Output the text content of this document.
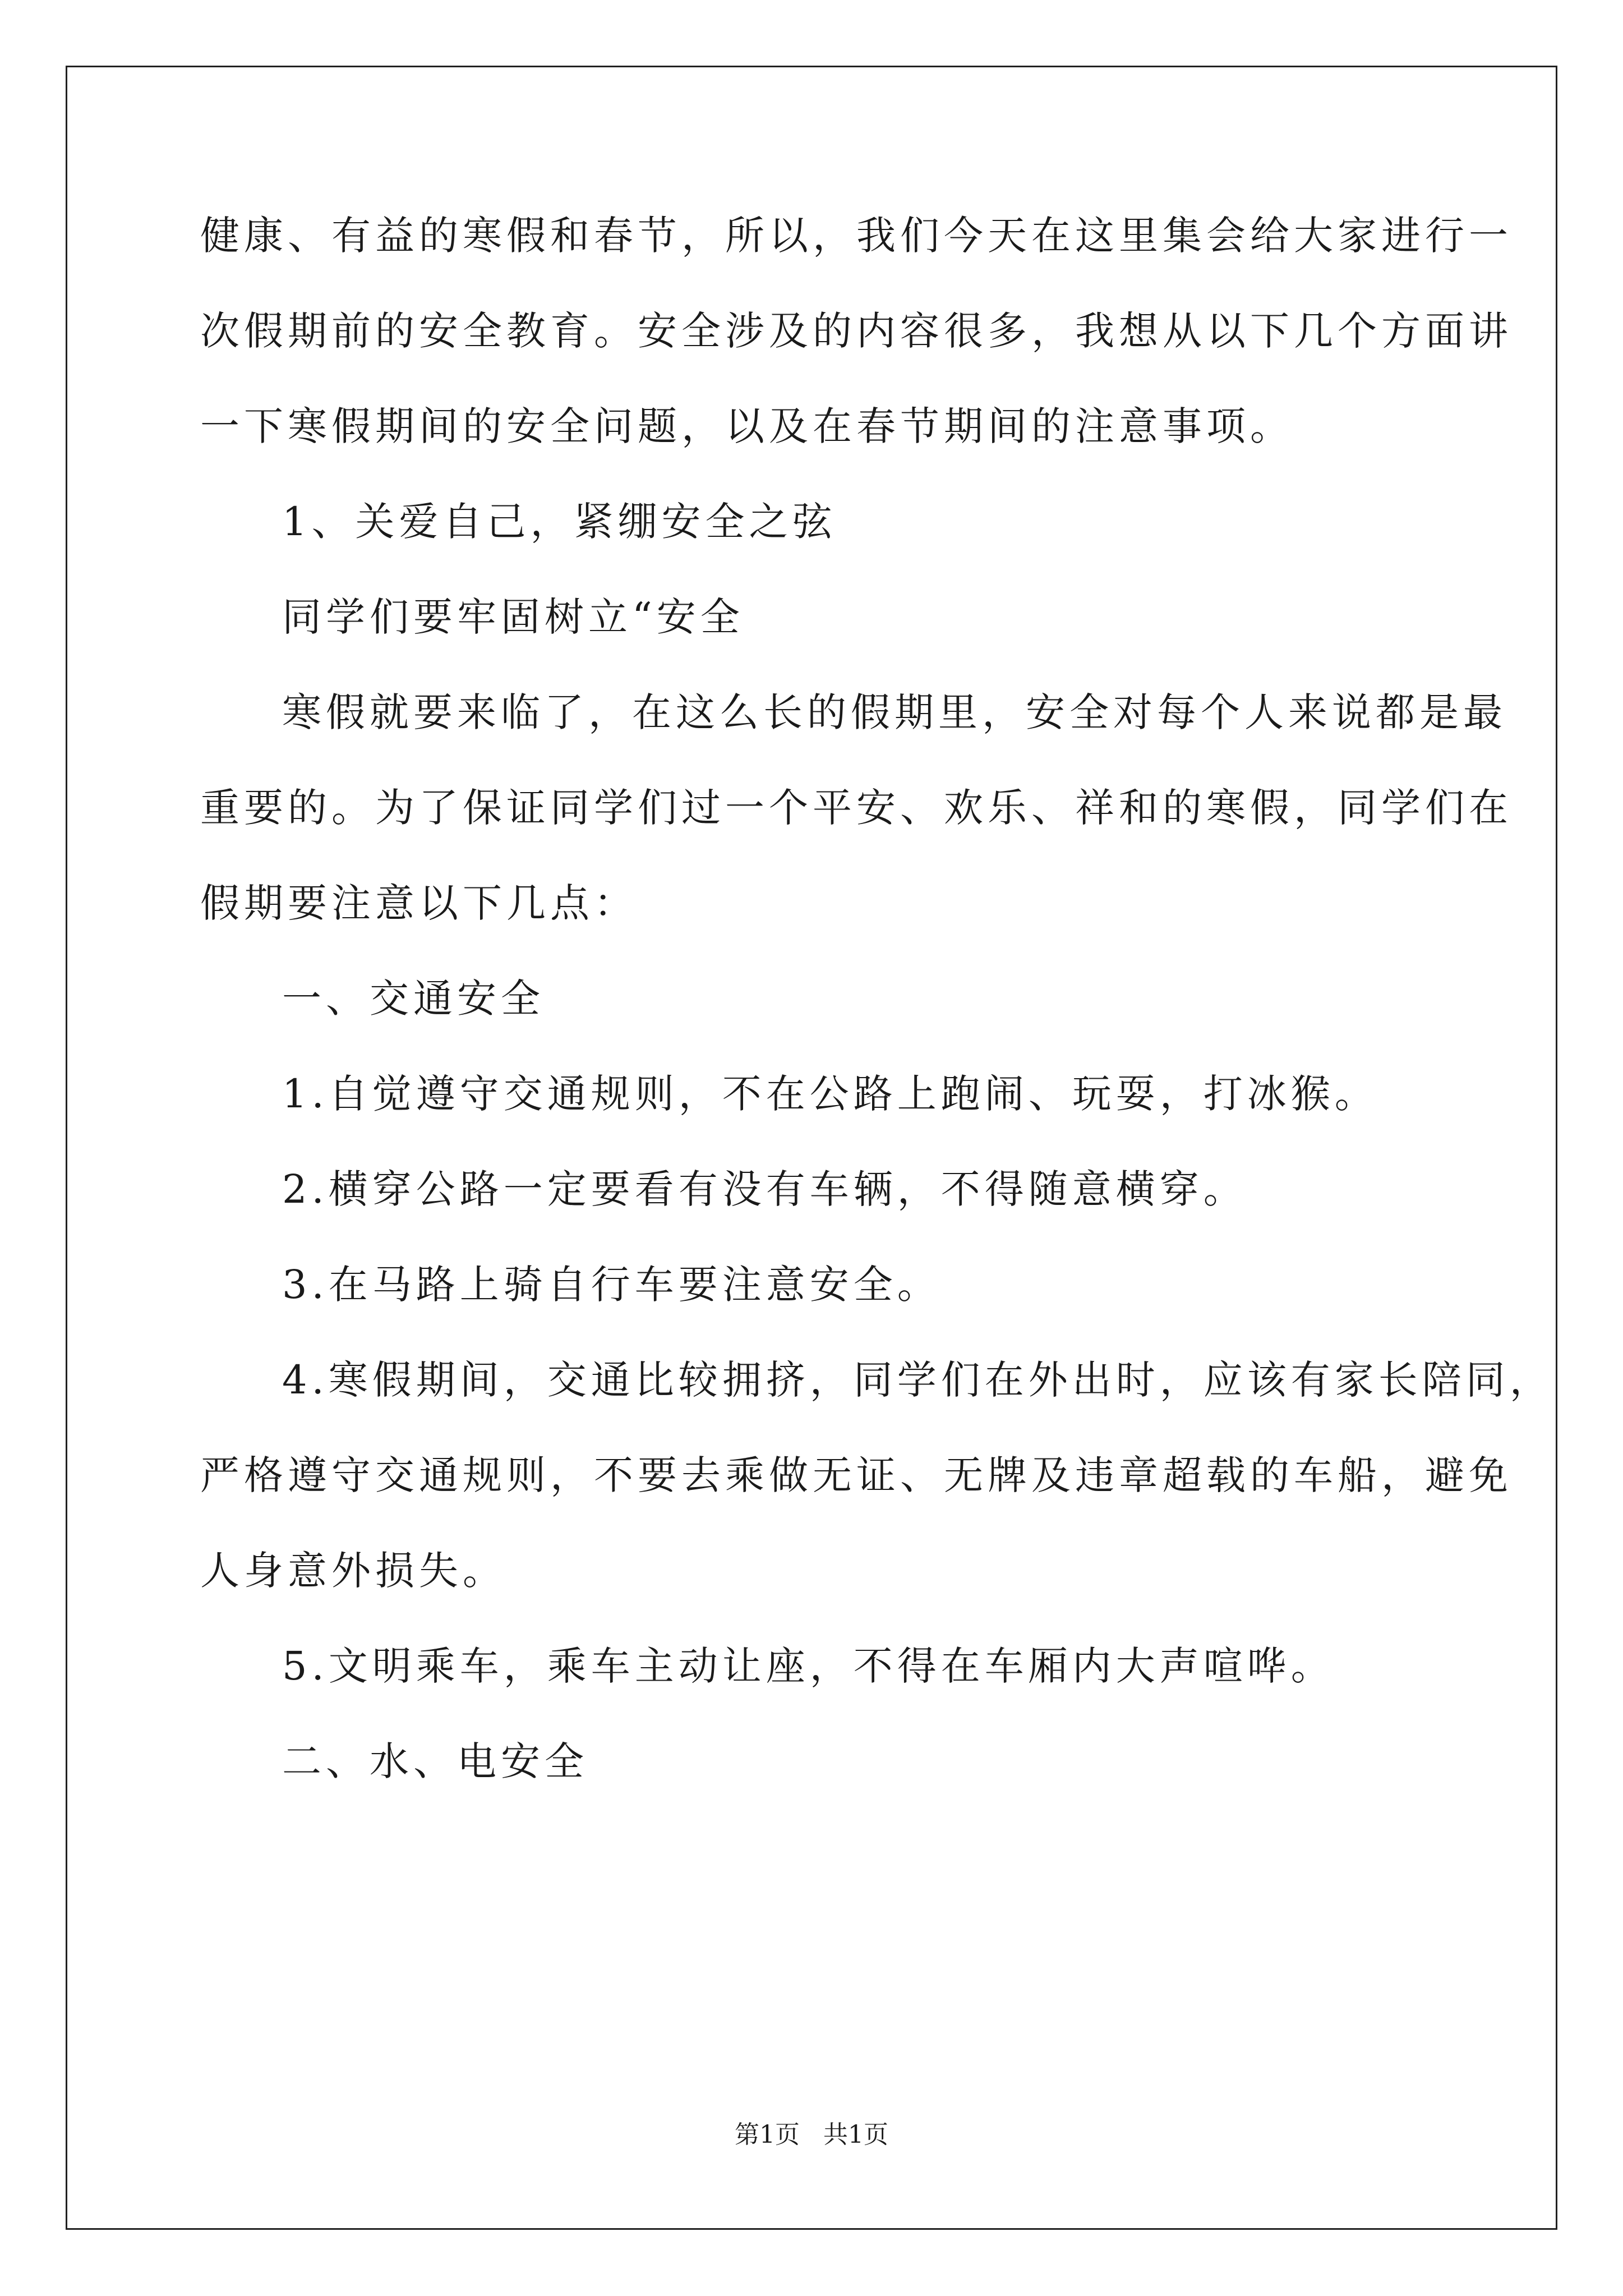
健康、有益的寒假和春节，所以，我们今天在这里集会给大家进行一
次假期前的安全教育。安全涉及的内容很多，我想从以下几个方面讲
一下寒假期间的安全问题，以及在春节期间的注意事项。
1、关爱自己，紧绷安全之弦
同学们要牢固树立“安全
寒假就要来临了，在这么长的假期里，安全对每个人来说都是最
重要的。为了保证同学们过一个平安、欢乐、祥和的寒假，同学们在
假期要注意以下几点：
一、交通安全
1.自觉遵守交通规则，不在公路上跑闹、玩耍，打冰猴。
2.横穿公路一定要看有没有车辆，不得随意横穿。
3.在马路上骑自行车要注意安全。
4.寒假期间，交通比较拥挤，同学们在外出时，应该有家长陪同，
严格遵守交通规则，不要去乘做无证、无牌及违章超载的车船，避免
人身意外损失。
5.文明乘车，乘车主动让座，不得在车厢内大声喧哗。
二、水、电安全
第1页   共1页
